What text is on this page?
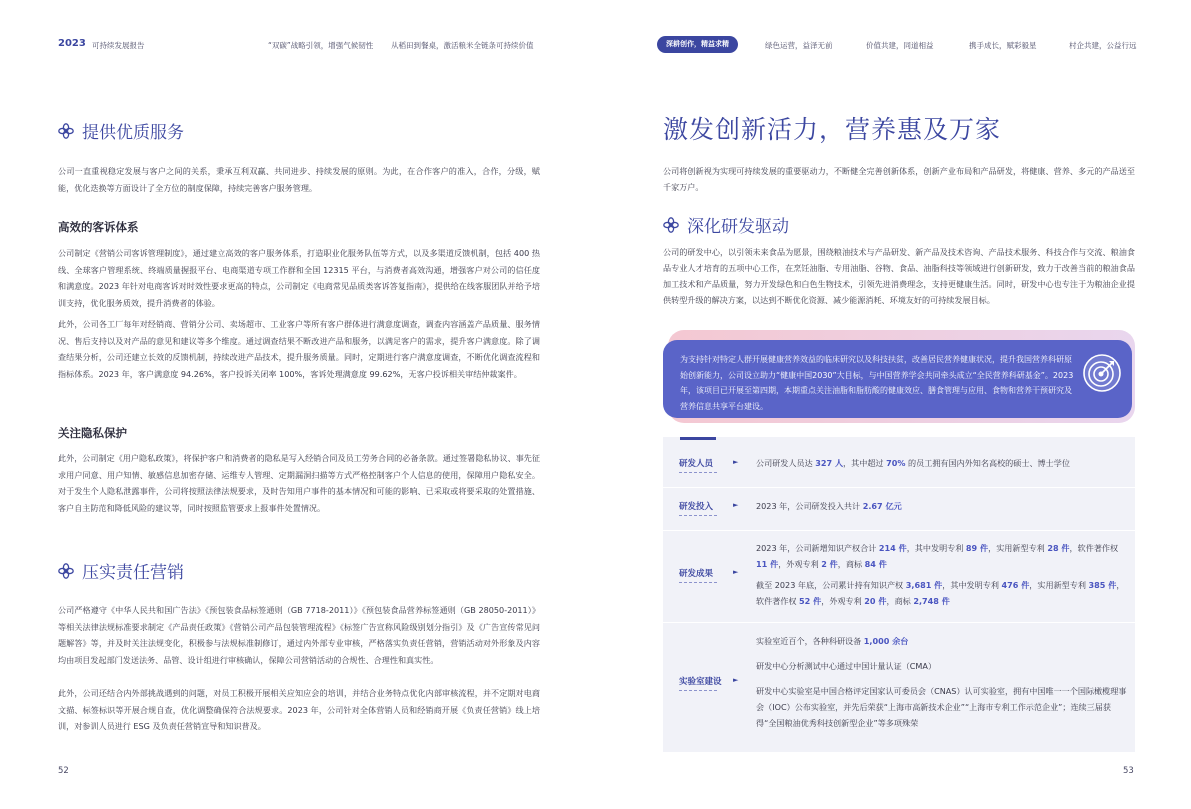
2023 可持续发展报告	“双碳”战略引领，增强气候韧性 从稻田到餐桌，激活粮米全链条可持续价值
提供优质服务
公司一直重视稳定发展与客户之间的关系，秉承互利双赢、共同进步、持续发展的原则。为此，在合作客户的准入，合作，分级，赋能，优化迭换等方面设计了全方位的制度保障，持续完善客户服务管理。
高效的客诉体系
公司制定《营销公司客诉管理制度》，通过建立高效的客户服务体系，打造职业化服务队伍等方式，以及多渠道反馈机制，包括 400 热线、全球客户管理系统、终端质量握报平台、电商渠道专项工作群和全国 12315 平台，与消费者高效沟通，增强客户对公司的信任度和满意度。2023 年针对电商客诉对时效性要求更高的特点，公司制定《电商常见品质类客诉答复指南》，提供给在线客服团队并给予培训支持，优化服务质效，提升消费者的体验。
此外，公司各工厂每年对经销商、营销分公司、卖场超市、工业客户等所有客户群体进行满意度调查，调查内容涵盖产品质量、服务情况、售后支持以及对产品的意见和建议等多个维度。通过调查结果不断改进产品和服务，以满足客户的需求，提升客户满意度。除了调查结果分析，公司还建立长效的反馈机制，持续改进产品技术，提升服务质量。同时，定期进行客户满意度调查，不断优化调查流程和指标体系。2023 年，客户满意度 94.26%，客户投诉关闭率 100%，客诉处理满意度 99.62%，无客户投诉相关审结仲裁案件。
关注隐私保护
此外，公司制定《用户隐私政策》，将保护客户和消费者的隐私是写入经销合同及员工劳务合同的必备条款。通过签署隐私协议、事先征求用户同意、用户知情、敏感信息加密存储、运维专人管理、定期漏洞扫描等方式严格控制客户个人信息的使用，保障用户隐私安全。对于发生个人隐私泄露事件，公司将按照法律法规要求，及时告知用户事件的基本情况和可能的影响、已采取或将要采取的处置措施、客户自主防范和降低风险的建议等，同时按照监管要求上报事件处置情况。
压实责任营销
公司严格遵守《中华人民共和国广告法》《预包装食品标签通则（GB 7718-2011）》《预包装食品营养标签通则（GB 28050-2011）》等相关法律法规标准要求制定《产品责任政策》《营销公司产品包装管理流程》《标签广告宣称风险级别划分指引》及《广告宣传常见问题解答》等，并及时关注法规变化，积极参与法规标准制修订，通过内外部专业审核，严格落实负责任营销，营销活动对外形象及内容均由项目发起部门发送法务、品管、设计组进行审核确认，保障公司营销活动的合规性、合理性和真实性。
此外，公司还结合内外部挑战遇到的问题，对员工积极开展相关应知应会的培训，并结合业务特点优化内部审核流程，并不定期对电商文描、标签标识等开展合规自查，优化调整确保符合法规要求。2023 年，公司针对全体营销人员和经销商开展《负责任营销》线上培训，对参训人员进行 ESG 及负责任营销宣导和知识普及。
52
深耕创作，精益求精	绿色运营，益泽无前	价值共建，同道相益	携手成长，赋彩毅星	村企共建，公益行远
激发创新活力，营养惠及万家
公司将创新视为实现可持续发展的重要驱动力，不断健全完善创新体系，创新产业布局和产品研发，将健康、营养、多元的产品送至千家万户。
深化研发驱动
公司的研发中心，以引领未来食品为愿景，围绕粮油技术与产品研发、新产品及技术咨询、产品技术服务、科技合作与交流、粮油食品专业人才培育的五项中心工作，在烹饪油脂、专用油脂、谷物、食品、油脂科技等领域进行创新研发，致力于改善当前的粮油食品加工技术和产品质量，努力开发绿色和白色生物技术，引领先进消费理念，支持更健康生活。同时，研发中心也专注于为粮油企业提供转型升级的解决方案，以达到不断优化资源、减少能源消耗、环境友好的可持续发展目标。
为支持针对特定人群开展健康营养效益的临床研究以及科技扶贫，改善居民营养健康状况，提升我国营养科研原始创新能力，公司设立助力“健康中国2030”大目标，与中国营养学会共同牵头成立“全民营养科研基金”。2023 年，该项目已开展至第四期，本期重点关注油脂和脂肪酸的健康效应、膳食管理与应用、食物和营养干预研究及营养信息共享平台建设。
研发人员	► 公司研发人员达 327 人，其中超过 70% 的员工拥有国内外知名高校的硕士、博士学位
研发投入	► 2023 年，公司研发投入共计 2.67 亿元
研发成果	►
2023 年，公司新增知识产权合计 214 件，其中发明专利 89 件，实用新型专利 28 件，软件著作权 11 件，外观专利 2 件，商标 84 件
截至 2023 年底，公司累计持有知识产权 3,681 件，其中发明专利 476 件，实用新型专利 385 件，软件著作权 52 件，外观专利 20 件，商标 2,748 件
实验室建设 ►
实验室近百个，各种科研设备 1,000 余台
研发中心分析测试中心通过中国计量认证（CMA）
研发中心实验室是中国合格评定国家认可委员会（CNAS）认可实验室，拥有中国唯一一个国际橄榄理事会（IOC）公布实验室，并先后荣获“上海市高新技术企业”“上海市专利工作示范企业”；连续三届获得“全国粮油优秀科技创新型企业”等多项殊荣
53
